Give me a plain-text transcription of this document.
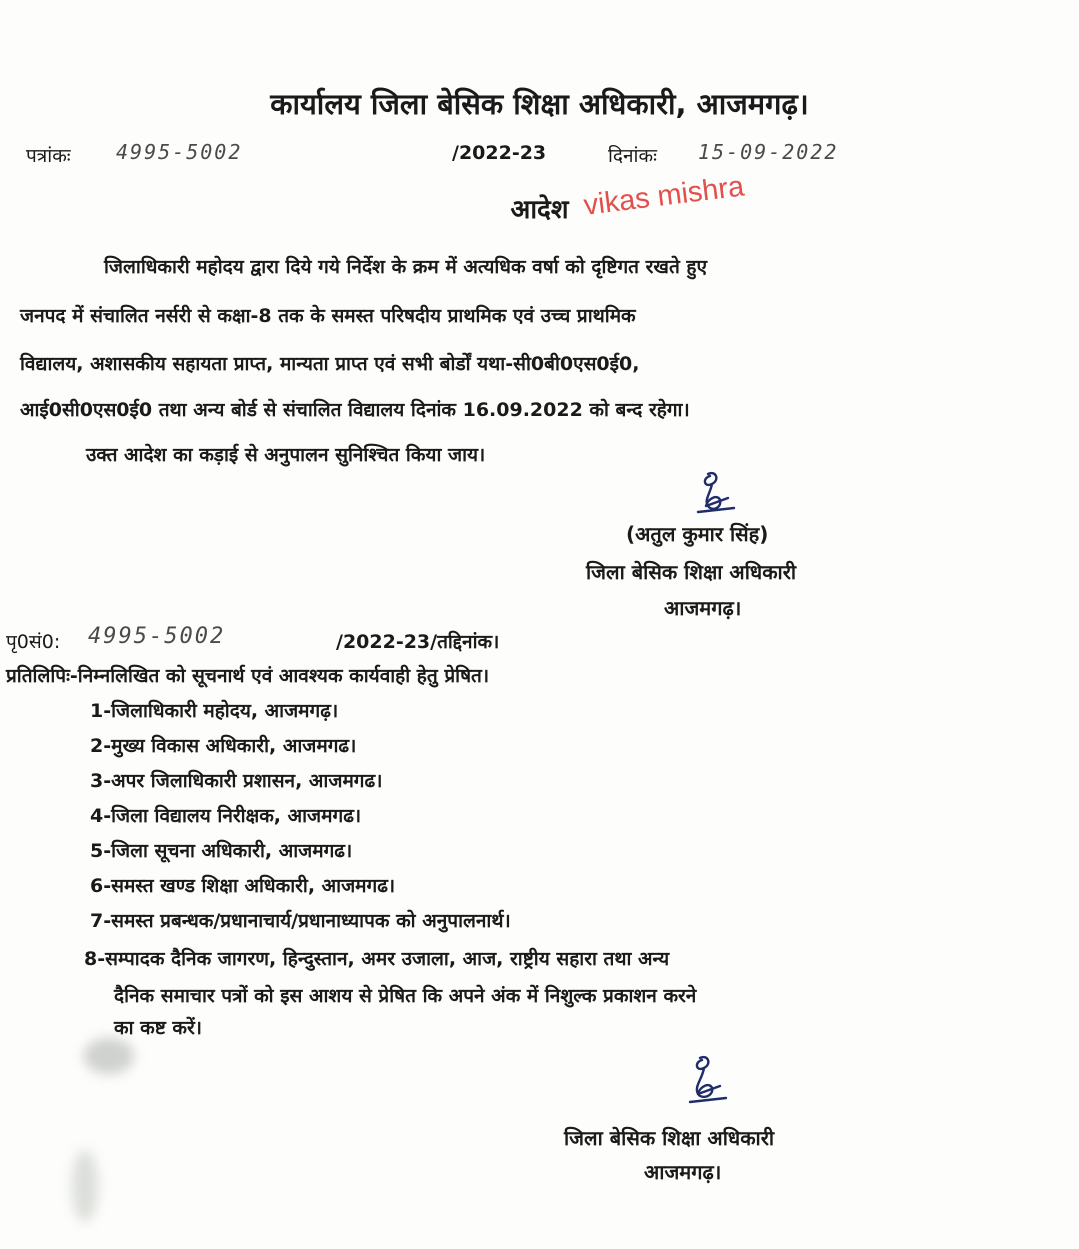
कार्यालय जिला बेसिक शिक्षा अधिकारी, आजमगढ़।
पत्रांकः 4995-5002	/2022-23	दिनांकः 15-09-2022
आदेश vikas mishra
जिलाधिकारी महोदय द्वारा दिये गये निर्देश के क्रम में अत्यधिक वर्षा को दृष्टिगत रखते हुए
जनपद में संचालित नर्सरी से कक्षा-8 तक के समस्त परिषदीय प्राथमिक एवं उच्च प्राथमिक
विद्यालय, अशासकीय सहायता प्राप्त, मान्यता प्राप्त एवं सभी बोर्डों यथा-सी0बी0एस0ई0,
आई0सी0एस0ई0 तथा अन्य बोर्ड से संचालित विद्यालय दिनांक 16.09.2022 को बन्द रहेगा।
उक्त आदेश का कड़ाई से अनुपालन सुनिश्चित किया जाय।
(अतुल कुमार सिंह)
जिला बेसिक शिक्षा अधिकारी
आजमगढ़।
पृ0सं0: 4995-5002	/2022-23/तद्दिनांक।
प्रतिलिपिः-निम्नलिखित को सूचनार्थ एवं आवश्यक कार्यवाही हेतु प्रेषित।
1-जिलाधिकारी महोदय, आजमगढ़।
2-मुख्य विकास अधिकारी, आजमगढ।
3-अपर जिलाधिकारी प्रशासन, आजमगढ।
4-जिला विद्यालय निरीक्षक, आजमगढ।
5-जिला सूचना अधिकारी, आजमगढ।
6-समस्त खण्ड शिक्षा अधिकारी, आजमगढ।
7-समस्त प्रबन्धक/प्रधानाचार्य/प्रधानाध्यापक को अनुपालनार्थ।
8-सम्पादक दैनिक जागरण, हिन्दुस्तान, अमर उजाला, आज, राष्ट्रीय सहारा तथा अन्य
दैनिक समाचार पत्रों को इस आशय से प्रेषित कि अपने अंक में निशुल्क प्रकाशन करने
का कष्ट करें।
जिला बेसिक शिक्षा अधिकारी
आजमगढ़।
